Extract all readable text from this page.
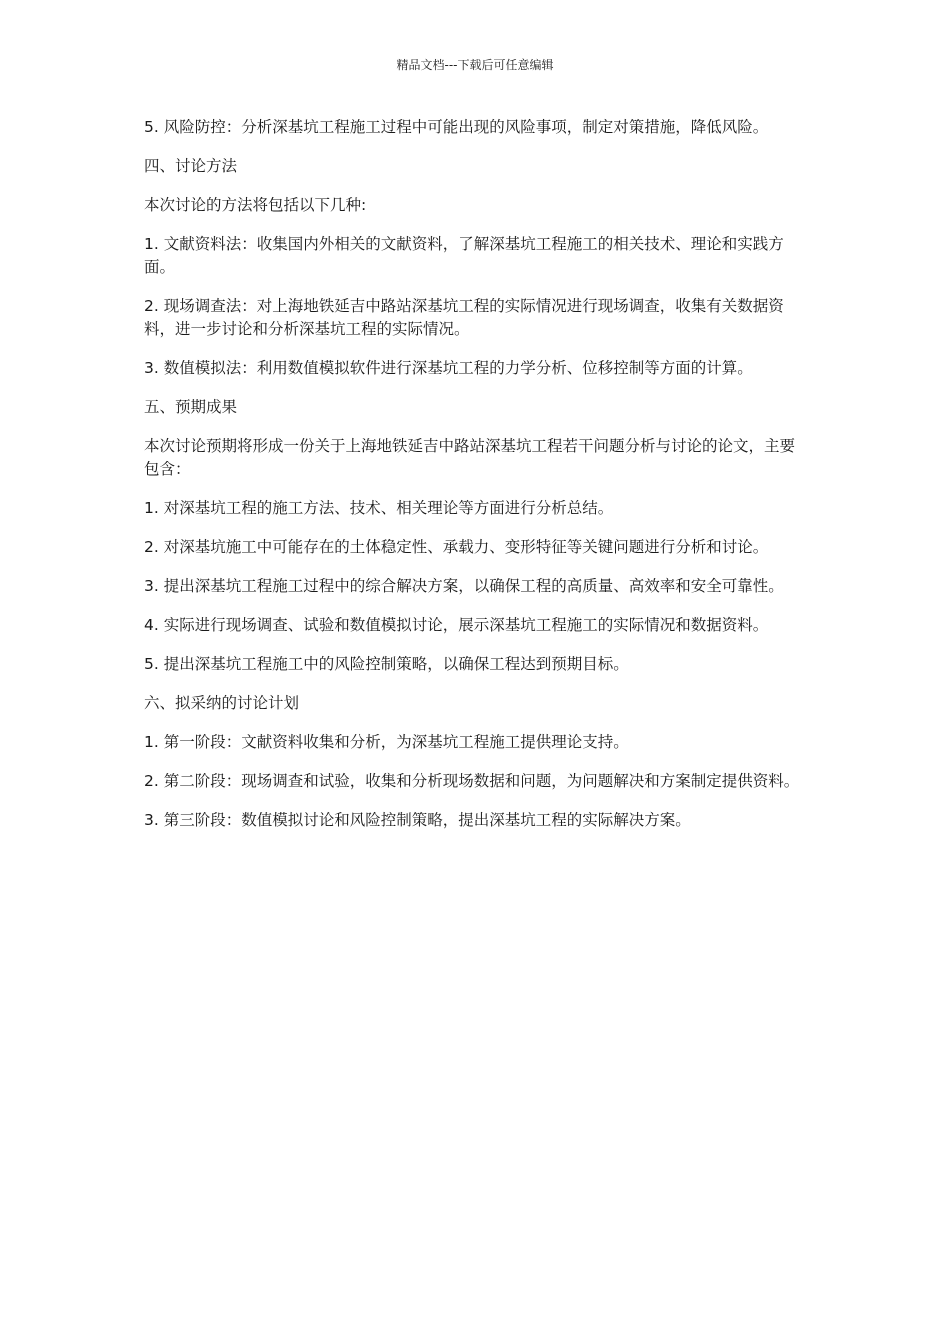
精品文档---下载后可任意编辑

5. 风险防控：分析深基坑工程施工过程中可能出现的风险事项，制定对策措施，降低风险。

四、讨论方法

本次讨论的方法将包括以下几种:

1. 文献资料法：收集国内外相关的文献资料，了解深基坑工程施工的相关技术、理论和实践方面。

2. 现场调查法：对上海地铁延吉中路站深基坑工程的实际情况进行现场调查，收集有关数据资料，进一步讨论和分析深基坑工程的实际情况。

3. 数值模拟法：利用数值模拟软件进行深基坑工程的力学分析、位移控制等方面的计算。

五、预期成果

本次讨论预期将形成一份关于上海地铁延吉中路站深基坑工程若干问题分析与讨论的论文，主要包含：

1. 对深基坑工程的施工方法、技术、相关理论等方面进行分析总结。

2. 对深基坑施工中可能存在的土体稳定性、承载力、变形特征等关键问题进行分析和讨论。

3. 提出深基坑工程施工过程中的综合解决方案，以确保工程的高质量、高效率和安全可靠性。

4. 实际进行现场调查、试验和数值模拟讨论，展示深基坑工程施工的实际情况和数据资料。

5. 提出深基坑工程施工中的风险控制策略，以确保工程达到预期目标。

六、拟采纳的讨论计划

1. 第一阶段：文献资料收集和分析，为深基坑工程施工提供理论支持。

2. 第二阶段：现场调查和试验，收集和分析现场数据和问题，为问题解决和方案制定提供资料。

3. 第三阶段：数值模拟讨论和风险控制策略，提出深基坑工程的实际解决方案。
